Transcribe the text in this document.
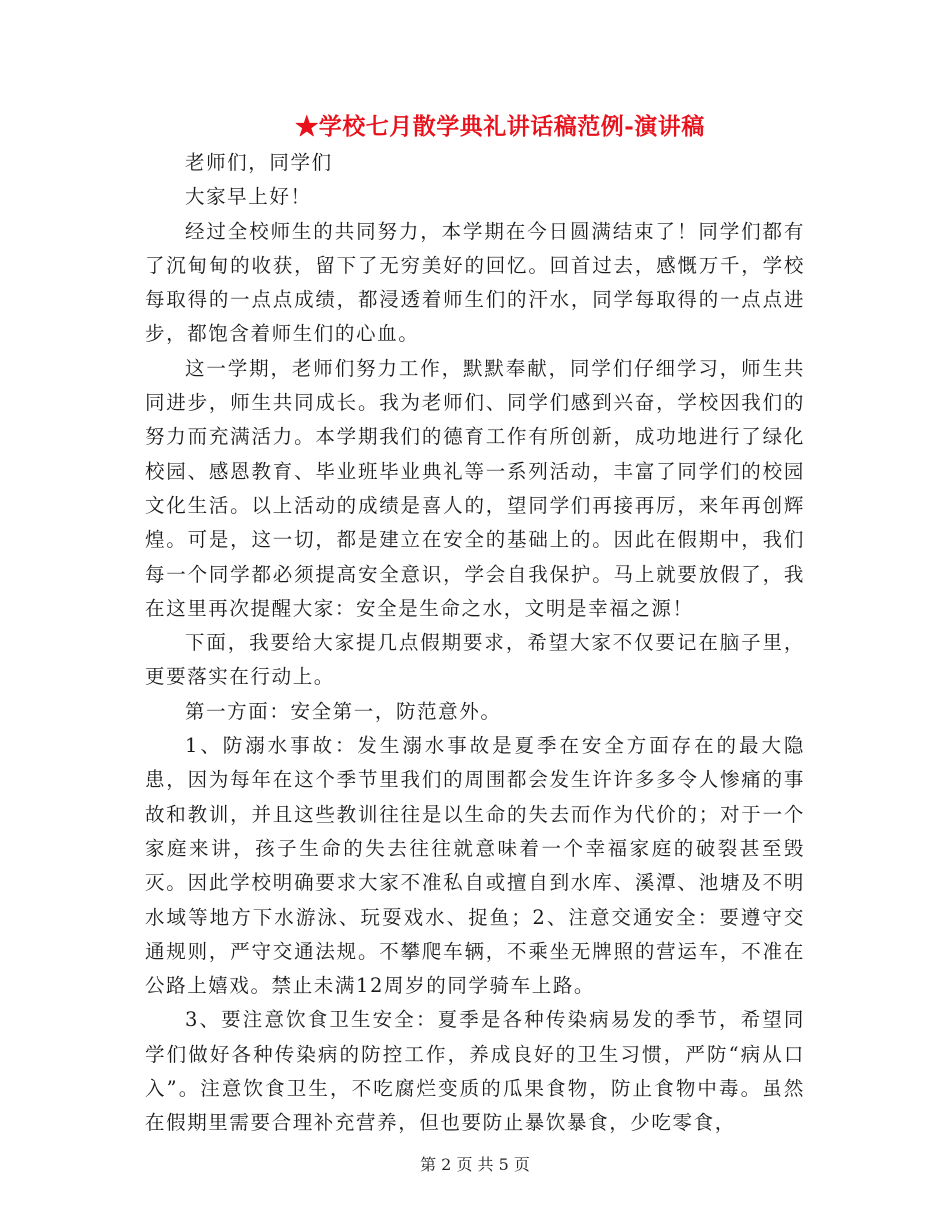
★学校七月散学典礼讲话稿范例-演讲稿

老师们，同学们

大家早上好！

经过全校师生的共同努力，本学期在今日圆满结束了！同学们都有了沉甸甸的收获，留下了无穷美好的回忆。回首过去，感慨万千，学校每取得的一点点成绩，都浸透着师生们的汗水，同学每取得的一点点进步，都饱含着师生们的心血。

这一学期，老师们努力工作，默默奉献，同学们仔细学习，师生共同进步，师生共同成长。我为老师们、同学们感到兴奋，学校因我们的努力而充满活力。本学期我们的德育工作有所创新，成功地进行了绿化校园、感恩教育、毕业班毕业典礼等一系列活动，丰富了同学们的校园文化生活。以上活动的成绩是喜人的，望同学们再接再厉，来年再创辉煌。可是，这一切，都是建立在安全的基础上的。因此在假期中，我们每一个同学都必须提高安全意识，学会自我保护。马上就要放假了，我在这里再次提醒大家：安全是生命之水，文明是幸福之源！

下面，我要给大家提几点假期要求，希望大家不仅要记在脑子里，更要落实在行动上。

第一方面：安全第一，防范意外。

1、防溺水事故：发生溺水事故是夏季在安全方面存在的最大隐患，因为每年在这个季节里我们的周围都会发生许许多多令人惨痛的事故和教训，并且这些教训往往是以生命的失去而作为代价的；对于一个家庭来讲，孩子生命的失去往往就意味着一个幸福家庭的破裂甚至毁灭。因此学校明确要求大家不准私自或擅自到水库、溪潭、池塘及不明水域等地方下水游泳、玩耍戏水、捉鱼；2、注意交通安全：要遵守交通规则，严守交通法规。不攀爬车辆，不乘坐无牌照的营运车，不准在公路上嬉戏。禁止未满12周岁的同学骑车上路。

3、要注意饮食卫生安全：夏季是各种传染病易发的季节，希望同学们做好各种传染病的防控工作，养成良好的卫生习惯，严防“病从口入”。注意饮食卫生，不吃腐烂变质的瓜果食物，防止食物中毒。虽然在假期里需要合理补充营养，但也要防止暴饮暴食，少吃零食，

第 2 页 共 5 页
